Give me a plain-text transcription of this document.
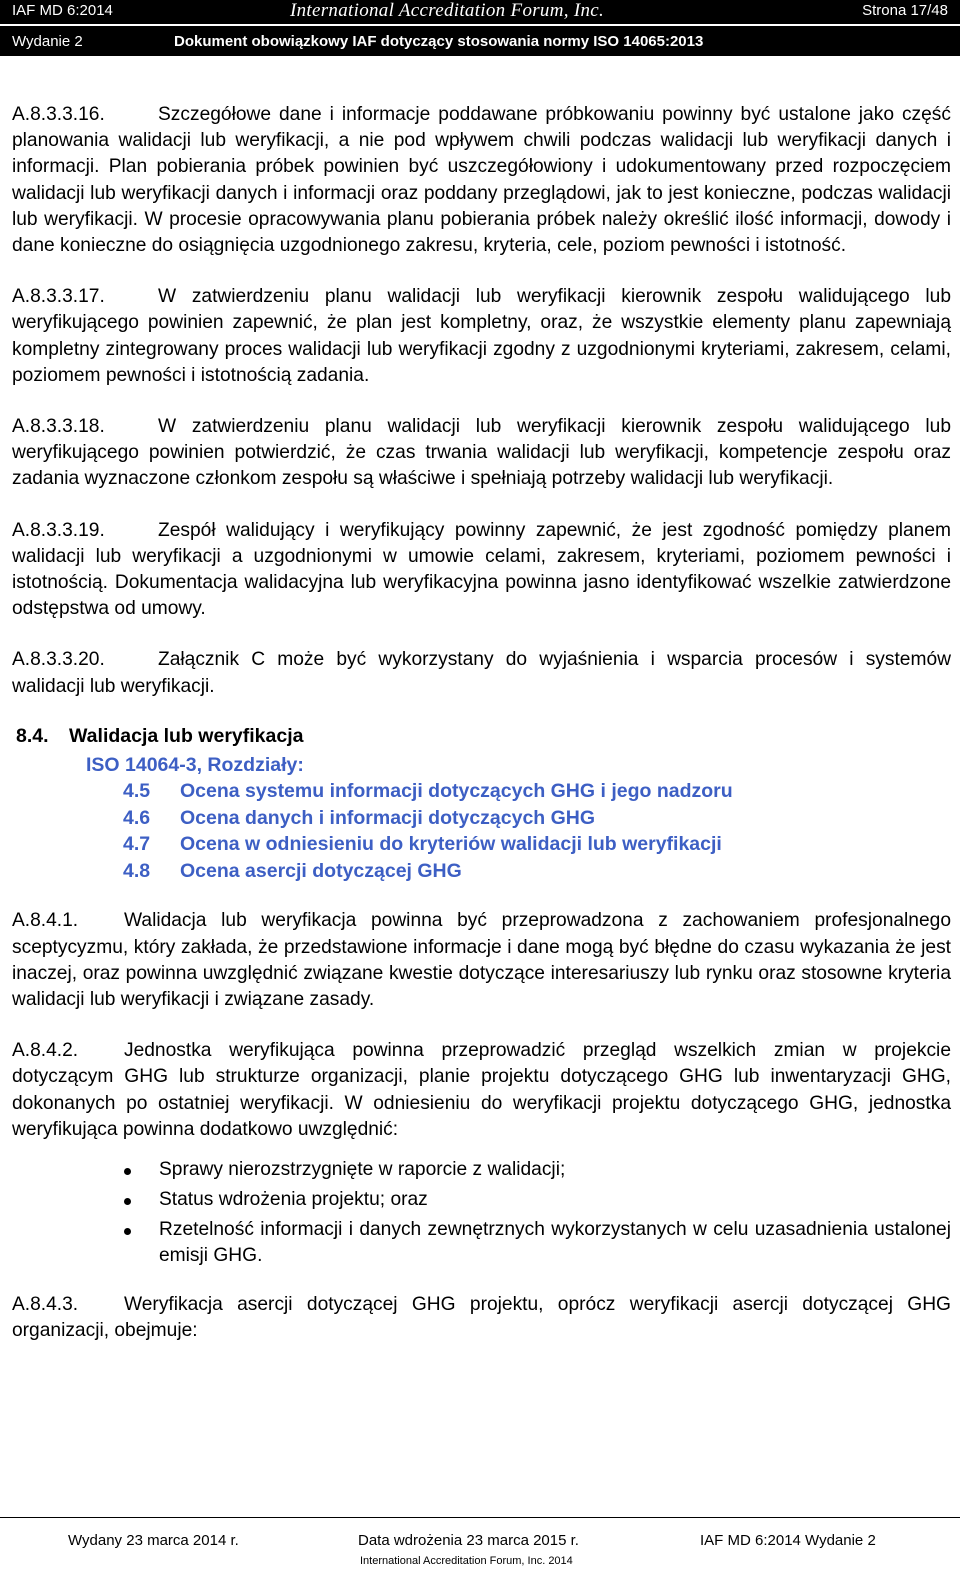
IAF MD 6:2014	International Accreditation Forum, Inc.	Strona 17/48
Wydanie 2	Dokument obowiązkowy IAF dotyczący stosowania normy ISO 14065:2013

A.8.3.3.16.	Szczegółowe dane i informacje poddawane próbkowaniu powinny być ustalone jako część planowania walidacji lub weryfikacji, a nie pod wpływem chwili podczas walidacji lub weryfikacji danych i informacji. Plan pobierania próbek powinien być uszczegółowiony i udokumentowany przed rozpoczęciem walidacji lub weryfikacji danych i informacji oraz poddany przeglądowi, jak to jest konieczne, podczas walidacji lub weryfikacji. W procesie opracowywania planu pobierania próbek należy określić ilość informacji, dowody i dane konieczne do osiągnięcia uzgodnionego zakresu, kryteria, cele, poziom pewności i istotność.

A.8.3.3.17.	W zatwierdzeniu planu walidacji lub weryfikacji kierownik zespołu walidującego lub weryfikującego powinien zapewnić, że plan jest kompletny, oraz, że wszystkie elementy planu zapewniają kompletny zintegrowany proces walidacji lub weryfikacji zgodny z uzgodnionymi kryteriami, zakresem, celami, poziomem pewności i istotnością zadania.

A.8.3.3.18.	W zatwierdzeniu planu walidacji lub weryfikacji kierownik zespołu walidującego lub weryfikującego powinien potwierdzić, że czas trwania walidacji lub weryfikacji, kompetencje zespołu oraz zadania wyznaczone członkom zespołu są właściwe i spełniają potrzeby walidacji lub weryfikacji.

A.8.3.3.19.	Zespół walidujący i weryfikujący powinny zapewnić, że jest zgodność pomiędzy planem walidacji lub weryfikacji a uzgodnionymi w umowie celami, zakresem, kryteriami, poziomem pewności i istotnością. Dokumentacja walidacyjna lub weryfikacyjna powinna jasno identyfikować wszelkie zatwierdzone odstępstwa od umowy.

A.8.3.3.20.	Załącznik C może być wykorzystany do wyjaśnienia i wsparcia procesów i systemów walidacji lub weryfikacji.

8.4. Walidacja lub weryfikacja
ISO 14064-3, Rozdziały:
4.5 Ocena systemu informacji dotyczących GHG i jego nadzoru
4.6 Ocena danych i informacji dotyczących GHG
4.7 Ocena w odniesieniu do kryteriów walidacji lub weryfikacji
4.8 Ocena asercji dotyczącej GHG

A.8.4.1. Walidacja lub weryfikacja powinna być przeprowadzona z zachowaniem profesjonalnego sceptycyzmu, który zakłada, że przedstawione informacje i dane mogą być błędne do czasu wykazania że jest inaczej, oraz powinna uwzględnić związane kwestie dotyczące interesariuszy lub rynku oraz stosowne kryteria walidacji lub weryfikacji i związane zasady.

A.8.4.2. Jednostka weryfikująca powinna przeprowadzić przegląd wszelkich zmian w projekcie dotyczącym GHG lub strukturze organizacji, planie projektu dotyczącego GHG lub inwentaryzacji GHG, dokonanych po ostatniej weryfikacji. W odniesieniu do weryfikacji projektu dotyczącego GHG, jednostka weryfikująca powinna dodatkowo uwzględnić:

Sprawy nierozstrzygnięte w raporcie z walidacji;
Status wdrożenia projektu; oraz
Rzetelność informacji i danych zewnętrznych wykorzystanych w celu uzasadnienia ustalonej emisji GHG.

A.8.4.3. Weryfikacja asercji dotyczącej GHG projektu, oprócz weryfikacji asercji dotyczącej GHG organizacji, obejmuje:

Wydany 23 marca 2014 r.	Data wdrożenia 23 marca 2015 r.	IAF MD 6:2014 Wydanie 2
International Accreditation Forum, Inc. 2014
